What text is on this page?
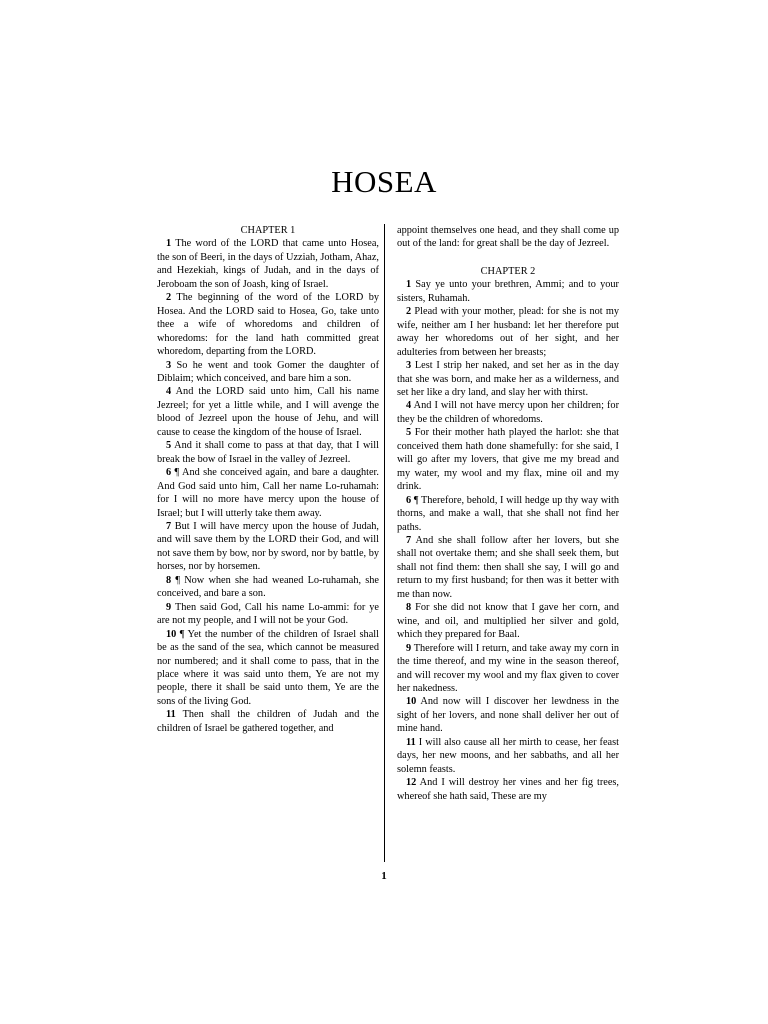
HOSEA
CHAPTER 1

1 The word of the LORD that came unto Hosea, the son of Beeri, in the days of Uzziah, Jotham, Ahaz, and Hezekiah, kings of Judah, and in the days of Jeroboam the son of Joash, king of Israel.

2 The beginning of the word of the LORD by Hosea. And the LORD said to Hosea, Go, take unto thee a wife of whoredoms and children of whoredoms: for the land hath committed great whoredom, departing from the LORD.

3 So he went and took Gomer the daughter of Diblaim; which conceived, and bare him a son.

4 And the LORD said unto him, Call his name Jezreel; for yet a little while, and I will avenge the blood of Jezreel upon the house of Jehu, and will cause to cease the kingdom of the house of Israel.

5 And it shall come to pass at that day, that I will break the bow of Israel in the valley of Jezreel.

6 ¶ And she conceived again, and bare a daughter. And God said unto him, Call her name Lo-ruhamah: for I will no more have mercy upon the house of Israel; but I will utterly take them away.

7 But I will have mercy upon the house of Judah, and will save them by the LORD their God, and will not save them by bow, nor by sword, nor by battle, by horses, nor by horsemen.

8 ¶ Now when she had weaned Lo-ruhamah, she conceived, and bare a son.

9 Then said God, Call his name Lo-ammi: for ye are not my people, and I will not be your God.

10 ¶ Yet the number of the children of Israel shall be as the sand of the sea, which cannot be measured nor numbered; and it shall come to pass, that in the place where it was said unto them, Ye are not my people, there it shall be said unto them, Ye are the sons of the living God.

11 Then shall the children of Judah and the children of Israel be gathered together, and

appoint themselves one head, and they shall come up out of the land: for great shall be the day of Jezreel.

CHAPTER 2

1 Say ye unto your brethren, Ammi; and to your sisters, Ruhamah.

2 Plead with your mother, plead: for she is not my wife, neither am I her husband: let her therefore put away her whoredoms out of her sight, and her adulteries from between her breasts;

3 Lest I strip her naked, and set her as in the day that she was born, and make her as a wilderness, and set her like a dry land, and slay her with thirst.

4 And I will not have mercy upon her children; for they be the children of whoredoms.

5 For their mother hath played the harlot: she that conceived them hath done shamefully: for she said, I will go after my lovers, that give me my bread and my water, my wool and my flax, mine oil and my drink.

6 ¶ Therefore, behold, I will hedge up thy way with thorns, and make a wall, that she shall not find her paths.

7 And she shall follow after her lovers, but she shall not overtake them; and she shall seek them, but shall not find them: then shall she say, I will go and return to my first husband; for then was it better with me than now.

8 For she did not know that I gave her corn, and wine, and oil, and multiplied her silver and gold, which they prepared for Baal.

9 Therefore will I return, and take away my corn in the time thereof, and my wine in the season thereof, and will recover my wool and my flax given to cover her nakedness.

10 And now will I discover her lewdness in the sight of her lovers, and none shall deliver her out of mine hand.

11 I will also cause all her mirth to cease, her feast days, her new moons, and her sabbaths, and all her solemn feasts.

12 And I will destroy her vines and her fig trees, whereof she hath said, These are my

1
